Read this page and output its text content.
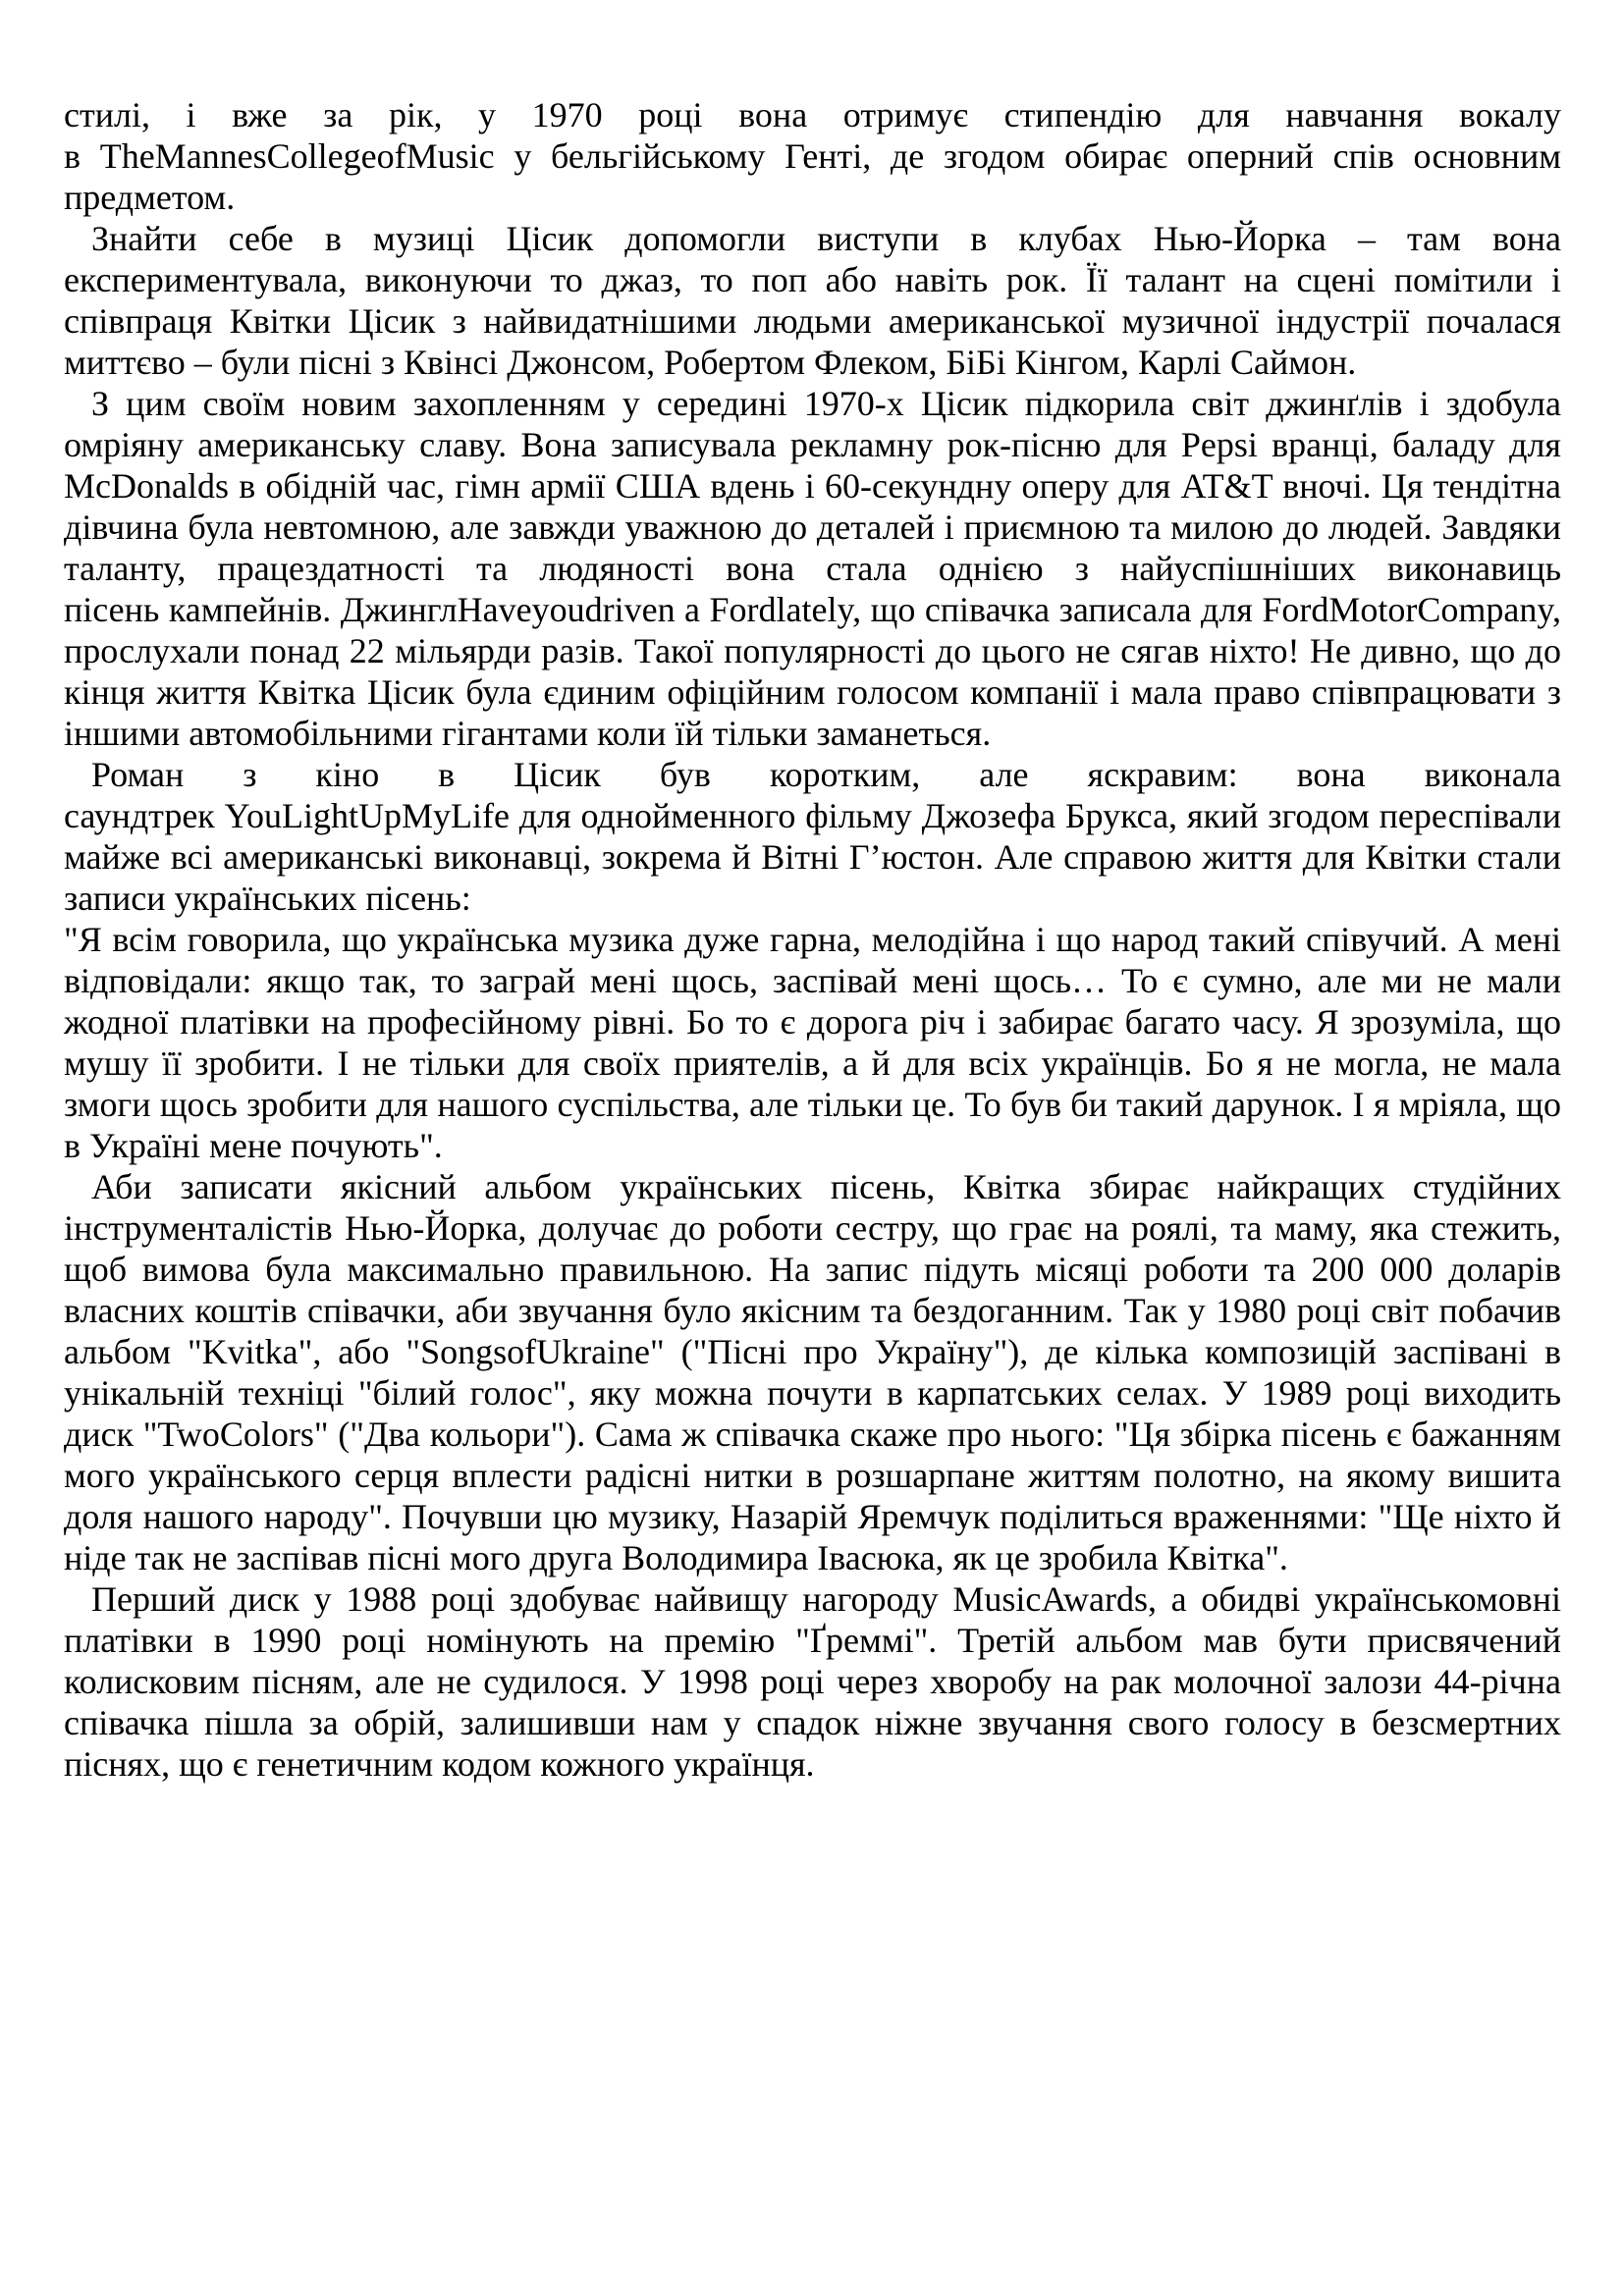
стилі, і вже за рік, у 1970 році вона отримує стипендію для навчання вокалу в TheMannesCollegeofMusic у бельгійському Генті, де згодом обирає оперний спів основним предметом.

Знайти себе в музиці Цісик допомогли виступи в клубах Нью-Йорка – там вона експериментувала, виконуючи то джаз, то поп або навіть рок. Її талант на сцені помітили і співпраця Квітки Цісик з найвидатнішими людьми американської музичної індустрії почалася миттєво – були пісні з Квінсі Джонсом, Робертом Флеком, БіБі Кінгом, Карлі Саймон.

З цим своїм новим захопленням у середині 1970-х Цісик підкорила світ джинґлів і здобула омріяну американську славу. Вона записувала рекламну рок-пісню для Pepsi вранці, баладу для McDonalds в обідній час, гімн армії США вдень і 60-секундну оперу для AT&T вночі. Ця тендітна дівчина була невтомною, але завжди уважною до деталей і приємною та милою до людей. Завдяки таланту, працездатності та людяності вона стала однією з найуспішніших виконавиць пісень кампейнів. ДжинглHaveyoudriven a Fordlately, що співачка записала для FordMotorCompany, прослухали понад 22 мільярди разів. Такої популярності до цього не сягав ніхто! Не дивно, що до кінця життя Квітка Цісик була єдиним офіційним голосом компанії і мала право співпрацювати з іншими автомобільними гігантами коли їй тільки заманеться.

Роман з кіно в Цісик був коротким, але яскравим: вона виконала саундтрек YouLightUpMyLife для однойменного фільму Джозефа Брукса, який згодом переспівали майже всі американські виконавці, зокрема й Вітні Г’юстон. Але справою життя для Квітки стали записи українських пісень:

"Я всім говорила, що українська музика дуже гарна, мелодійна і що народ такий співучий. А мені відповідали: якщо так, то заграй мені щось, заспівай мені щось… То є сумно, але ми не мали жодної платівки на професійному рівні. Бо то є дорога річ і забирає багато часу. Я зрозуміла, що мушу її зробити. І не тільки для своїх приятелів, а й для всіх українців. Бо я не могла, не мала змоги щось зробити для нашого суспільства, але тільки це. То був би такий дарунок. І я мріяла, що в Україні мене почують".

Аби записати якісний альбом українських пісень, Квітка збирає найкращих студійних інструменталістів Нью-Йорка, долучає до роботи сестру, що грає на роялі, та маму, яка стежить, щоб вимова була максимально правильною. На запис підуть місяці роботи та 200 000 доларів власних коштів співачки, аби звучання було якісним та бездоганним. Так у 1980 році світ побачив альбом "Kvitka", або "SongsofUkraine" ("Пісні про Україну"), де кілька композицій заспівані в унікальній техніці "білий голос", яку можна почути в карпатських селах. У 1989 році виходить диск "TwoColors" ("Два кольори"). Сама ж співачка скаже про нього: "Ця збірка пісень є бажанням мого українського серця вплести радісні нитки в розшарпане життям полотно, на якому вишита доля нашого народу". Почувши цю музику, Назарій Яремчук поділиться враженнями: "Ще ніхто й ніде так не заспівав пісні мого друга Володимира Івасюка, як це зробила Квітка".

Перший диск у 1988 році здобуває найвищу нагороду MusicAwards, а обидві українськомовні платівки в 1990 році номінують на премію "Ґреммі". Третій альбом мав бути присвячений колисковим пісням, але не судилося. У 1998 році через хворобу на рак молочної залози 44-річна співачка пішла за обрій, залишивши нам у спадок ніжне звучання свого голосу в безсмертних піснях, що є генетичним кодом кожного українця.
